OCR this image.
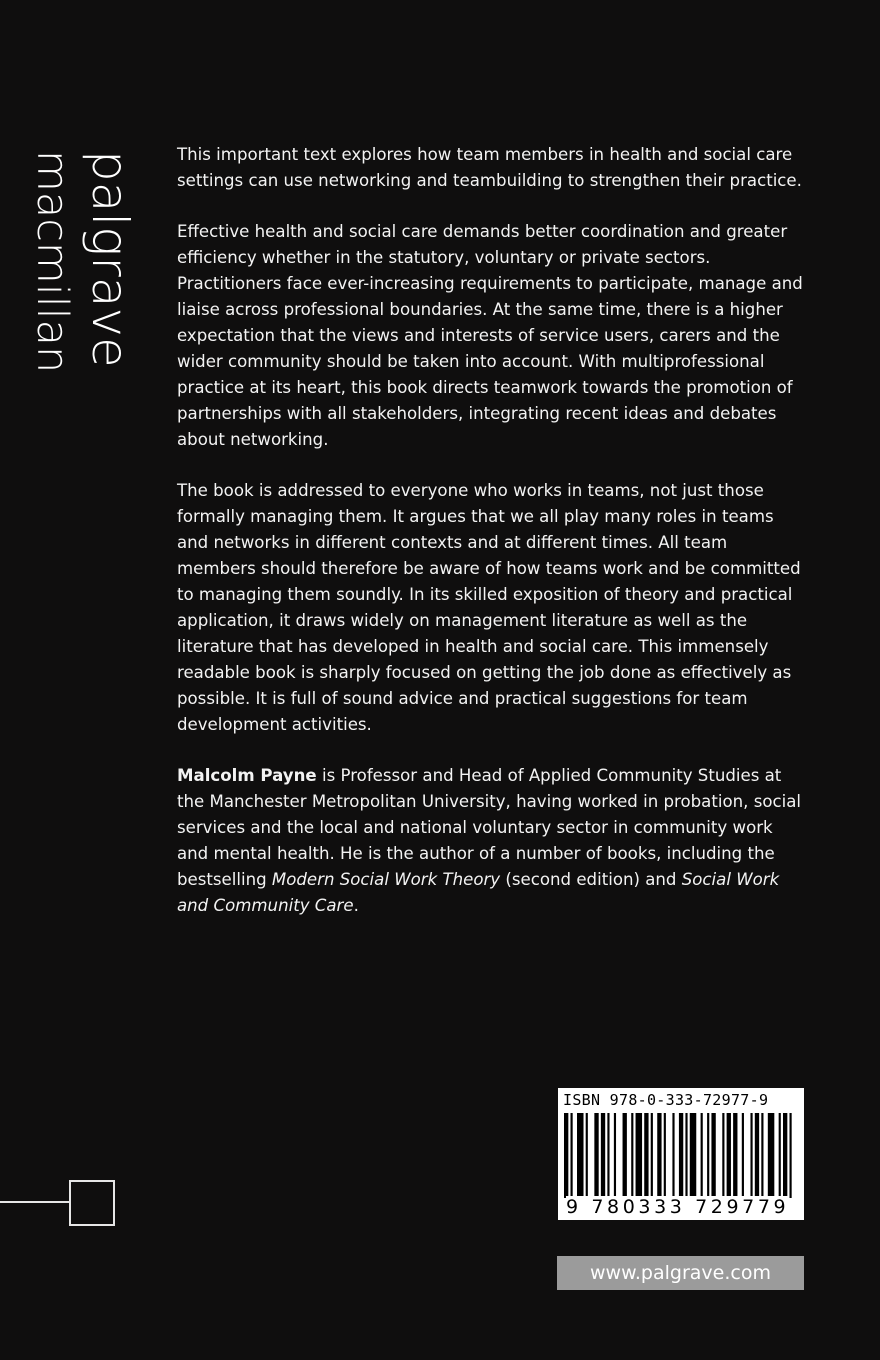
palgrave
macmillan	This important text explores how team members in health and social care settings can use networking and teambuilding to strengthen their practice.

Effective health and social care demands better coordination and greater efficiency whether in the statutory, voluntary or private sectors. Practitioners face ever-increasing requirements to participate, manage and liaise across professional boundaries. At the same time, there is a higher expectation that the views and interests of service users, carers and the wider community should be taken into account. With multiprofessional practice at its heart, this book directs teamwork towards the promotion of partnerships with all stakeholders, integrating recent ideas and debates about networking.

The book is addressed to everyone who works in teams, not just those formally managing them. It argues that we all play many roles in teams and networks in different contexts and at different times. All team members should therefore be aware of how teams work and be committed to managing them soundly. In its skilled exposition of theory and practical application, it draws widely on management literature as well as the literature that has developed in health and social care. This immensely readable book is sharply focused on getting the job done as effectively as possible. It is full of sound advice and practical suggestions for team development activities.

Malcolm Payne is Professor and Head of Applied Community Studies at the Manchester Metropolitan University, having worked in probation, social services and the local and national voluntary sector in community work and mental health. He is the author of a number of books, including the bestselling Modern Social Work Theory (second edition) and Social Work and Community Care.

ISBN 978-0-333-72977-9
9 780333 729779
www.palgrave.com
